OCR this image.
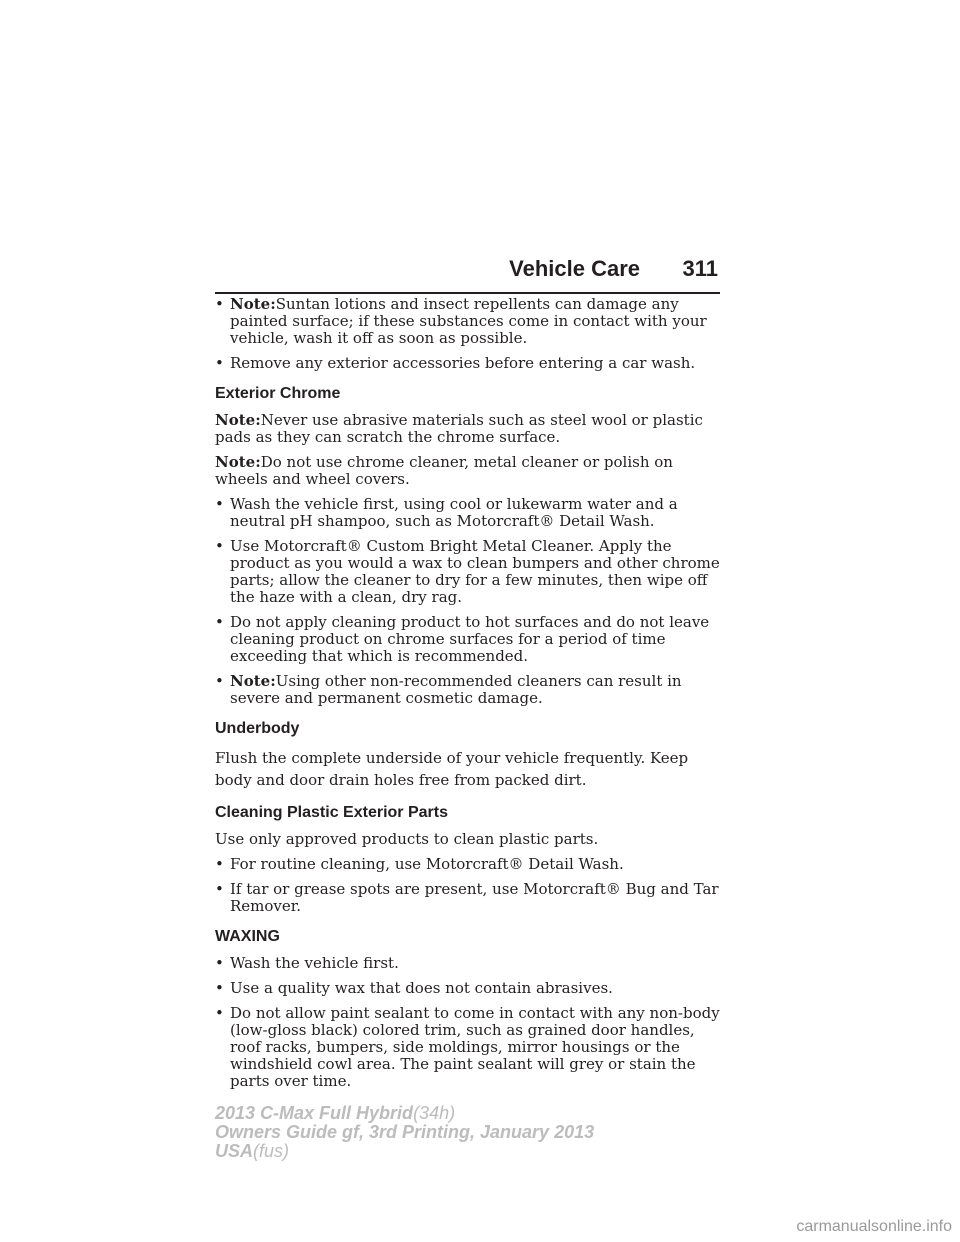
Vehicle Care 311
• Note:Suntan lotions and insect repellents can damage any painted surface; if these substances come in contact with your vehicle, wash it off as soon as possible.
• Remove any exterior accessories before entering a car wash.
Exterior Chrome

Note:Never use abrasive materials such as steel wool or plastic pads as they can scratch the chrome surface.

Note:Do not use chrome cleaner, metal cleaner or polish on wheels and wheel covers.

• Wash the vehicle first, using cool or lukewarm water and a neutral pH shampoo, such as Motorcraft® Detail Wash.
• Use Motorcraft® Custom Bright Metal Cleaner. Apply the product as you would a wax to clean bumpers and other chrome parts; allow the cleaner to dry for a few minutes, then wipe off the haze with a clean, dry rag.
• Do not apply cleaning product to hot surfaces and do not leave cleaning product on chrome surfaces for a period of time exceeding that which is recommended.
• Note:Using other non-recommended cleaners can result in severe and permanent cosmetic damage.
Underbody

Flush the complete underside of your vehicle frequently. Keep body and door drain holes free from packed dirt.

Cleaning Plastic Exterior Parts

Use only approved products to clean plastic parts.

• For routine cleaning, use Motorcraft® Detail Wash.
• If tar or grease spots are present, use Motorcraft® Bug and Tar Remover.
WAXING
• Wash the vehicle first.
• Use a quality wax that does not contain abrasives.
• Do not allow paint sealant to come in contact with any non-body (low-gloss black) colored trim, such as grained door handles, roof racks, bumpers, side moldings, mirror housings or the windshield cowl area. The paint sealant will grey or stain the parts over time.
2013 C-Max Full Hybrid(34h)
Owners Guide gf, 3rd Printing, January 2013
USA(fus)
carmanualsonline.info
